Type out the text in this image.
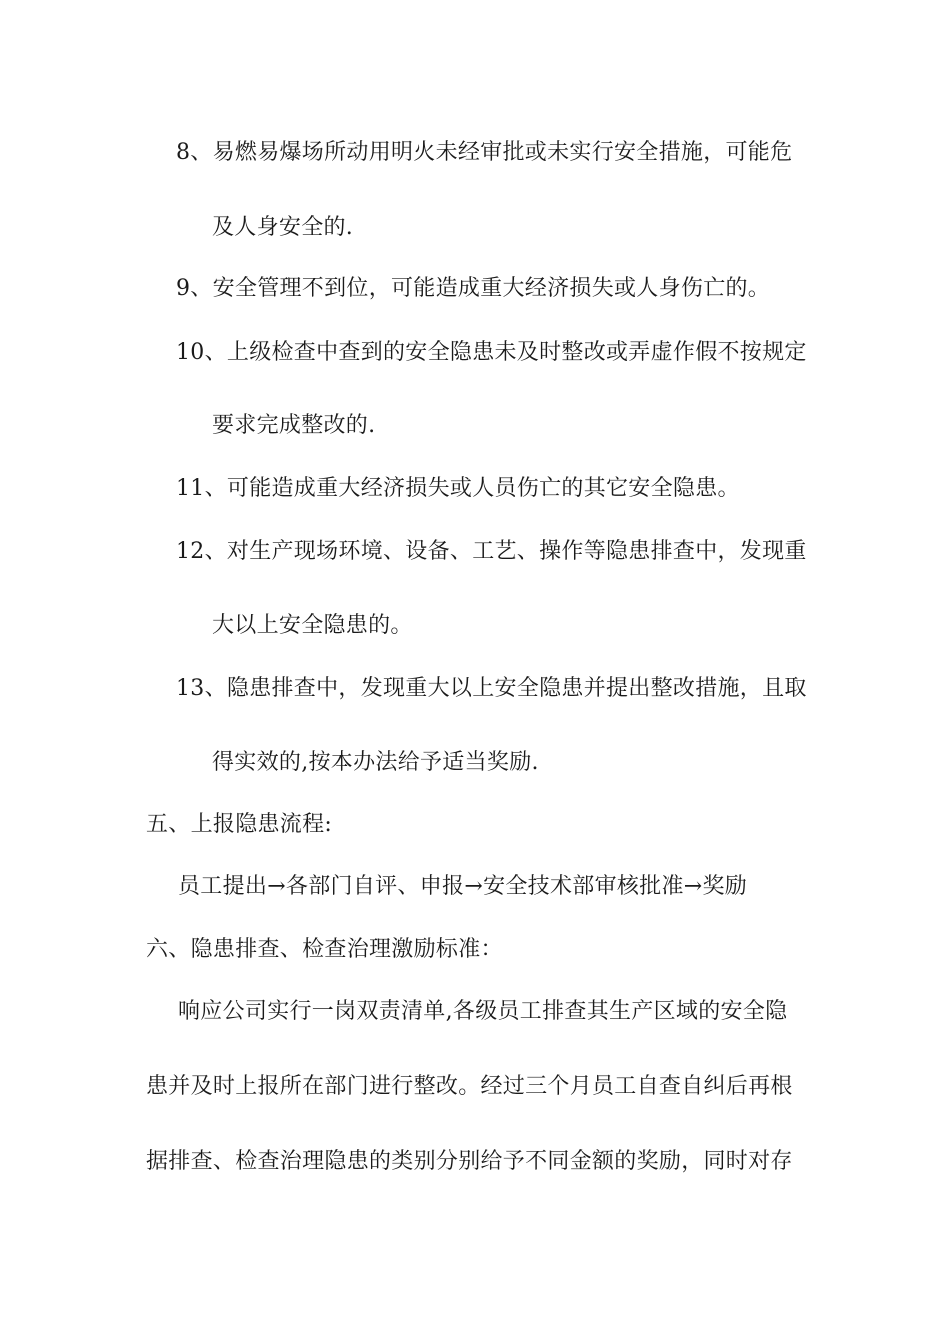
8、易燃易爆场所动用明火未经审批或未实行安全措施，可能危
及人身安全的.
9、安全管理不到位，可能造成重大经济损失或人身伤亡的。
10、上级检查中查到的安全隐患未及时整改或弄虚作假不按规定
要求完成整改的.
11、可能造成重大经济损失或人员伤亡的其它安全隐患。
12、对生产现场环境、设备、工艺、操作等隐患排查中，发现重
大以上安全隐患的。
13、隐患排查中，发现重大以上安全隐患并提出整改措施，且取
得实效的,按本办法给予适当奖励.
五、上报隐患流程:
员工提出→各部门自评、申报→安全技术部审核批准→奖励
六、隐患排查、检查治理激励标准：
响应公司实行一岗双责清单,各级员工排查其生产区域的安全隐
患并及时上报所在部门进行整改。经过三个月员工自查自纠后再根
据排查、检查治理隐患的类别分别给予不同金额的奖励，同时对存
